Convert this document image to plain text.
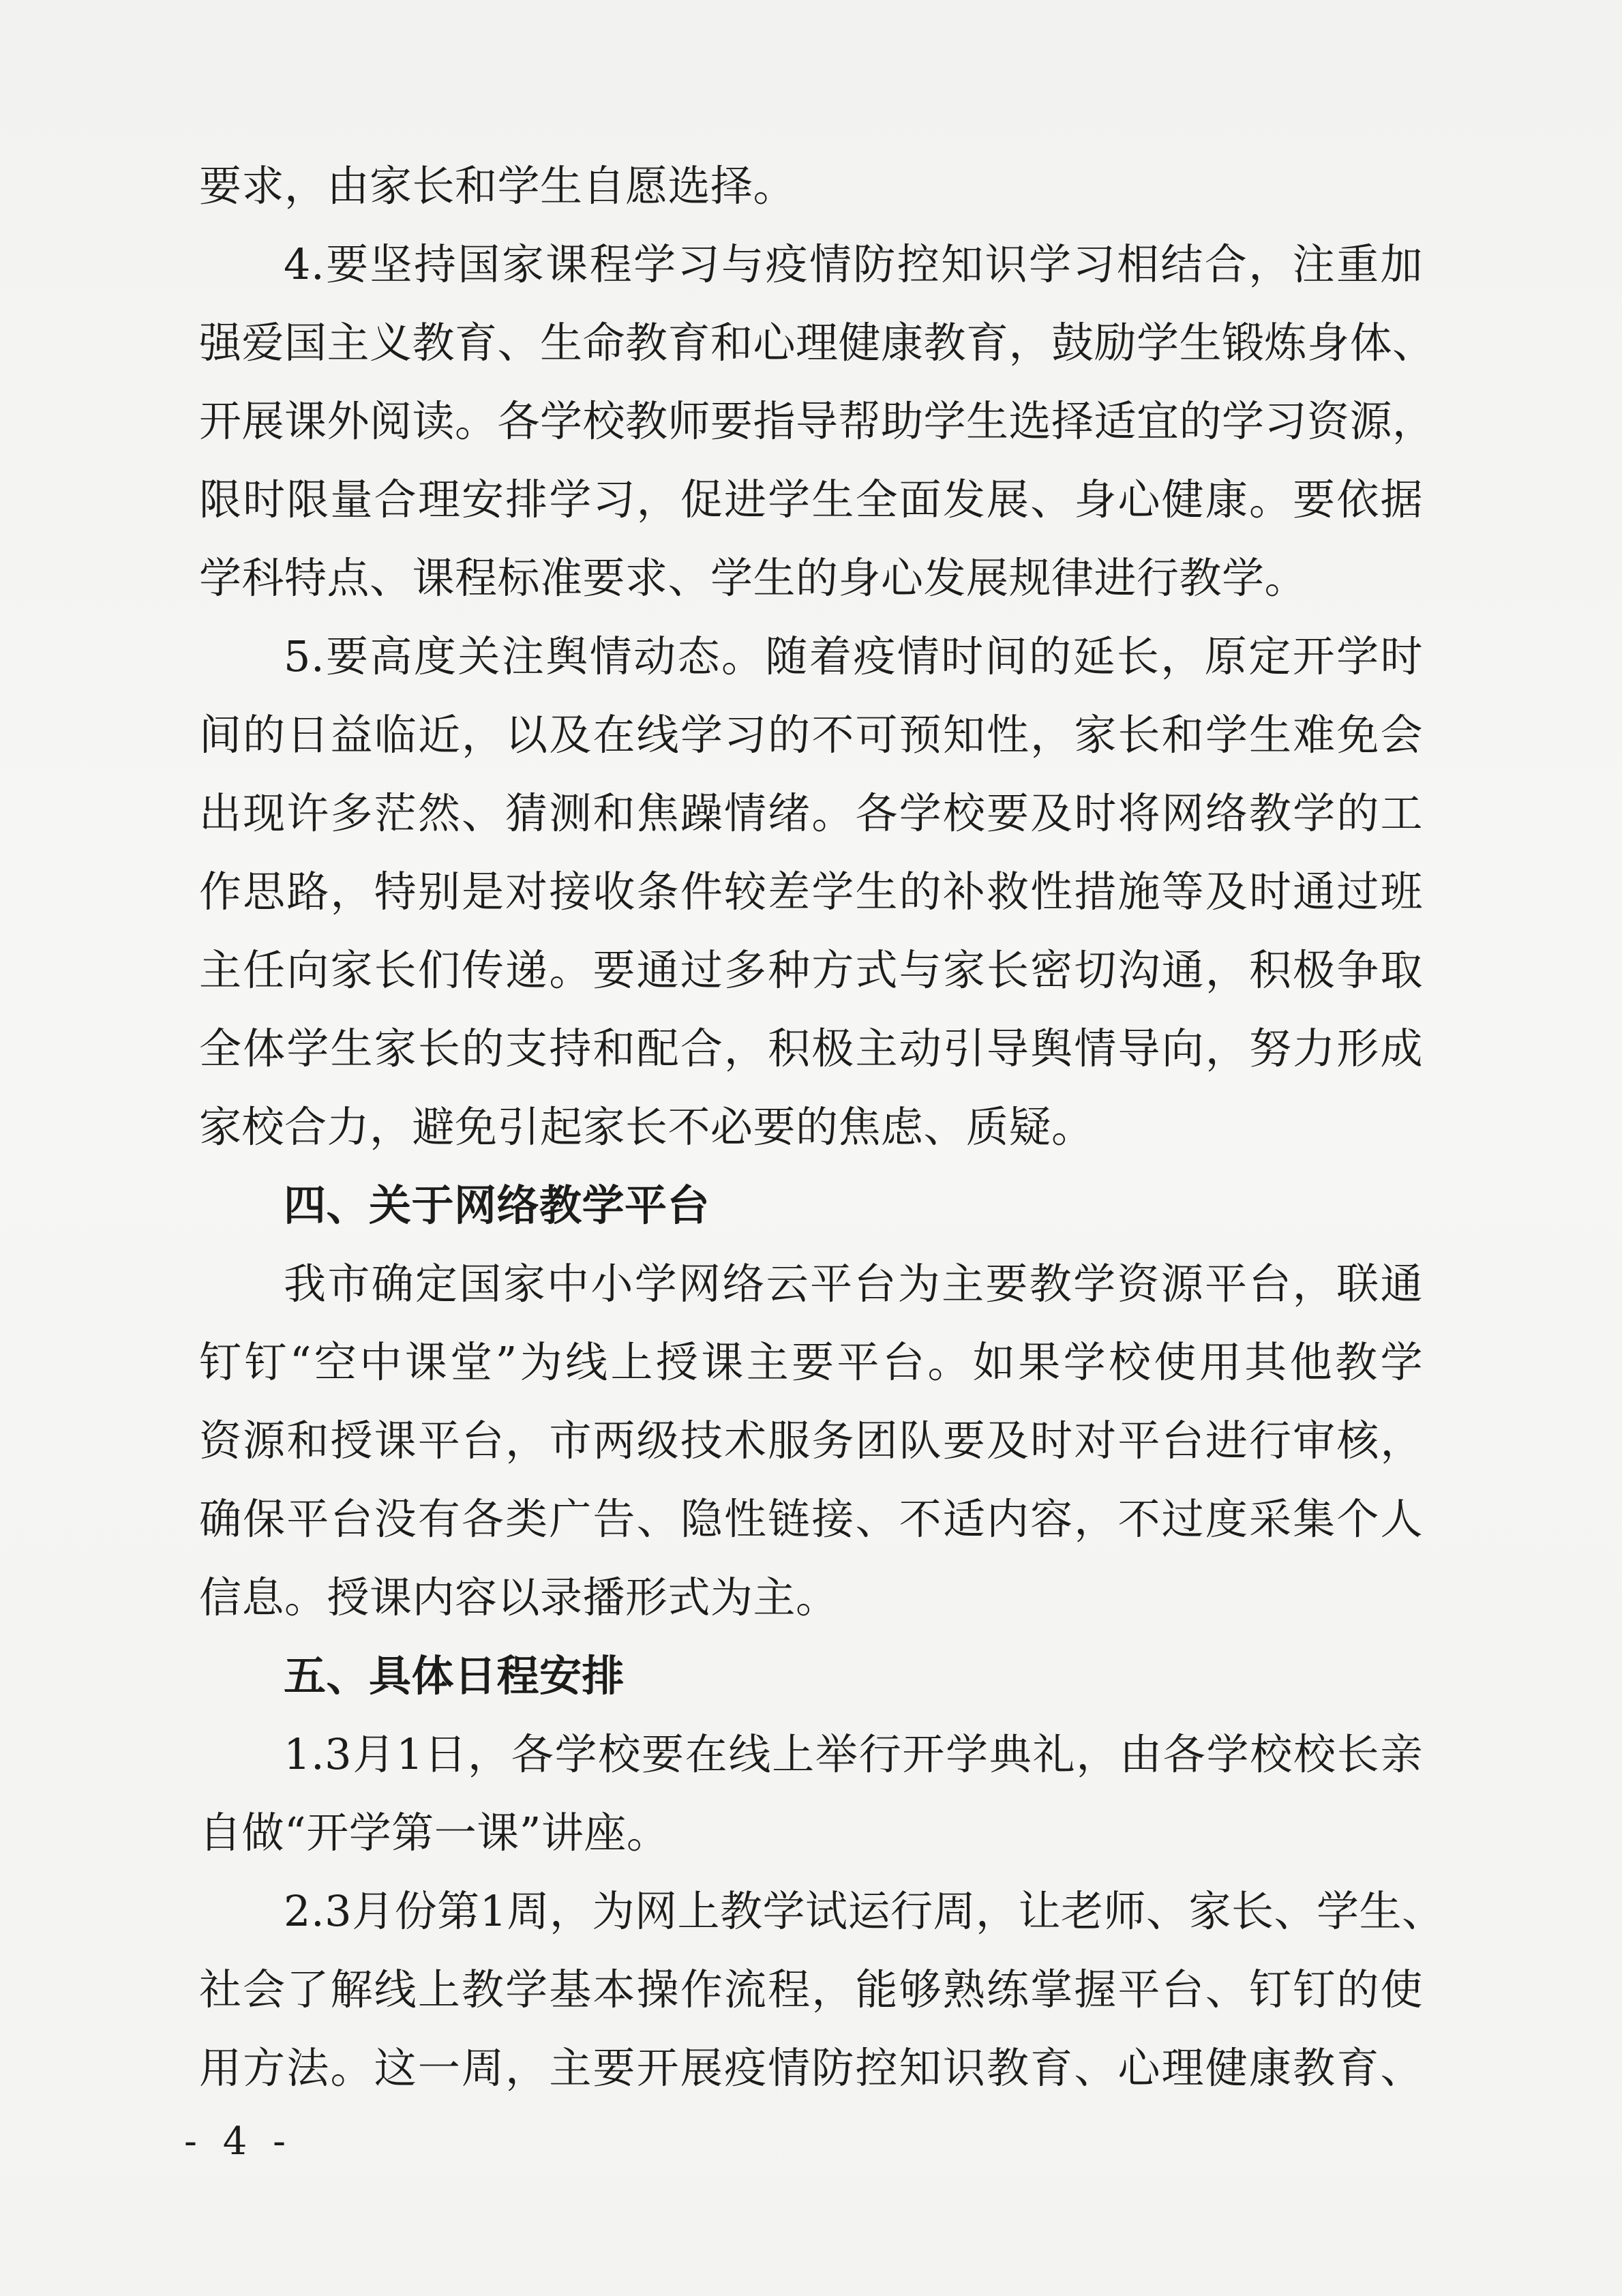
要求，由家长和学生自愿选择。
4.要坚持国家课程学习与疫情防控知识学习相结合，注重加
强爱国主义教育、生命教育和心理健康教育，鼓励学生锻炼身体、
开展课外阅读。各学校教师要指导帮助学生选择适宜的学习资源，
限时限量合理安排学习，促进学生全面发展、身心健康。要依据
学科特点、课程标准要求、学生的身心发展规律进行教学。
5.要高度关注舆情动态。随着疫情时间的延长，原定开学时
间的日益临近，以及在线学习的不可预知性，家长和学生难免会
出现许多茫然、猜测和焦躁情绪。各学校要及时将网络教学的工
作思路，特别是对接收条件较差学生的补救性措施等及时通过班
主任向家长们传递。要通过多种方式与家长密切沟通，积极争取
全体学生家长的支持和配合，积极主动引导舆情导向，努力形成
家校合力，避免引起家长不必要的焦虑、质疑。
四、关于网络教学平台
我市确定国家中小学网络云平台为主要教学资源平台，联通
钉钉“空中课堂”为线上授课主要平台。如果学校使用其他教学
资源和授课平台，市两级技术服务团队要及时对平台进行审核，
确保平台没有各类广告、隐性链接、不适内容，不过度采集个人
信息。授课内容以录播形式为主。
五、具体日程安排
1.3月1日，各学校要在线上举行开学典礼，由各学校校长亲
自做“开学第一课”讲座。
2.3月份第1周，为网上教学试运行周，让老师、家长、学生、
社会了解线上教学基本操作流程，能够熟练掌握平台、钉钉的使
用方法。这一周，主要开展疫情防控知识教育、心理健康教育、
- 4 -
